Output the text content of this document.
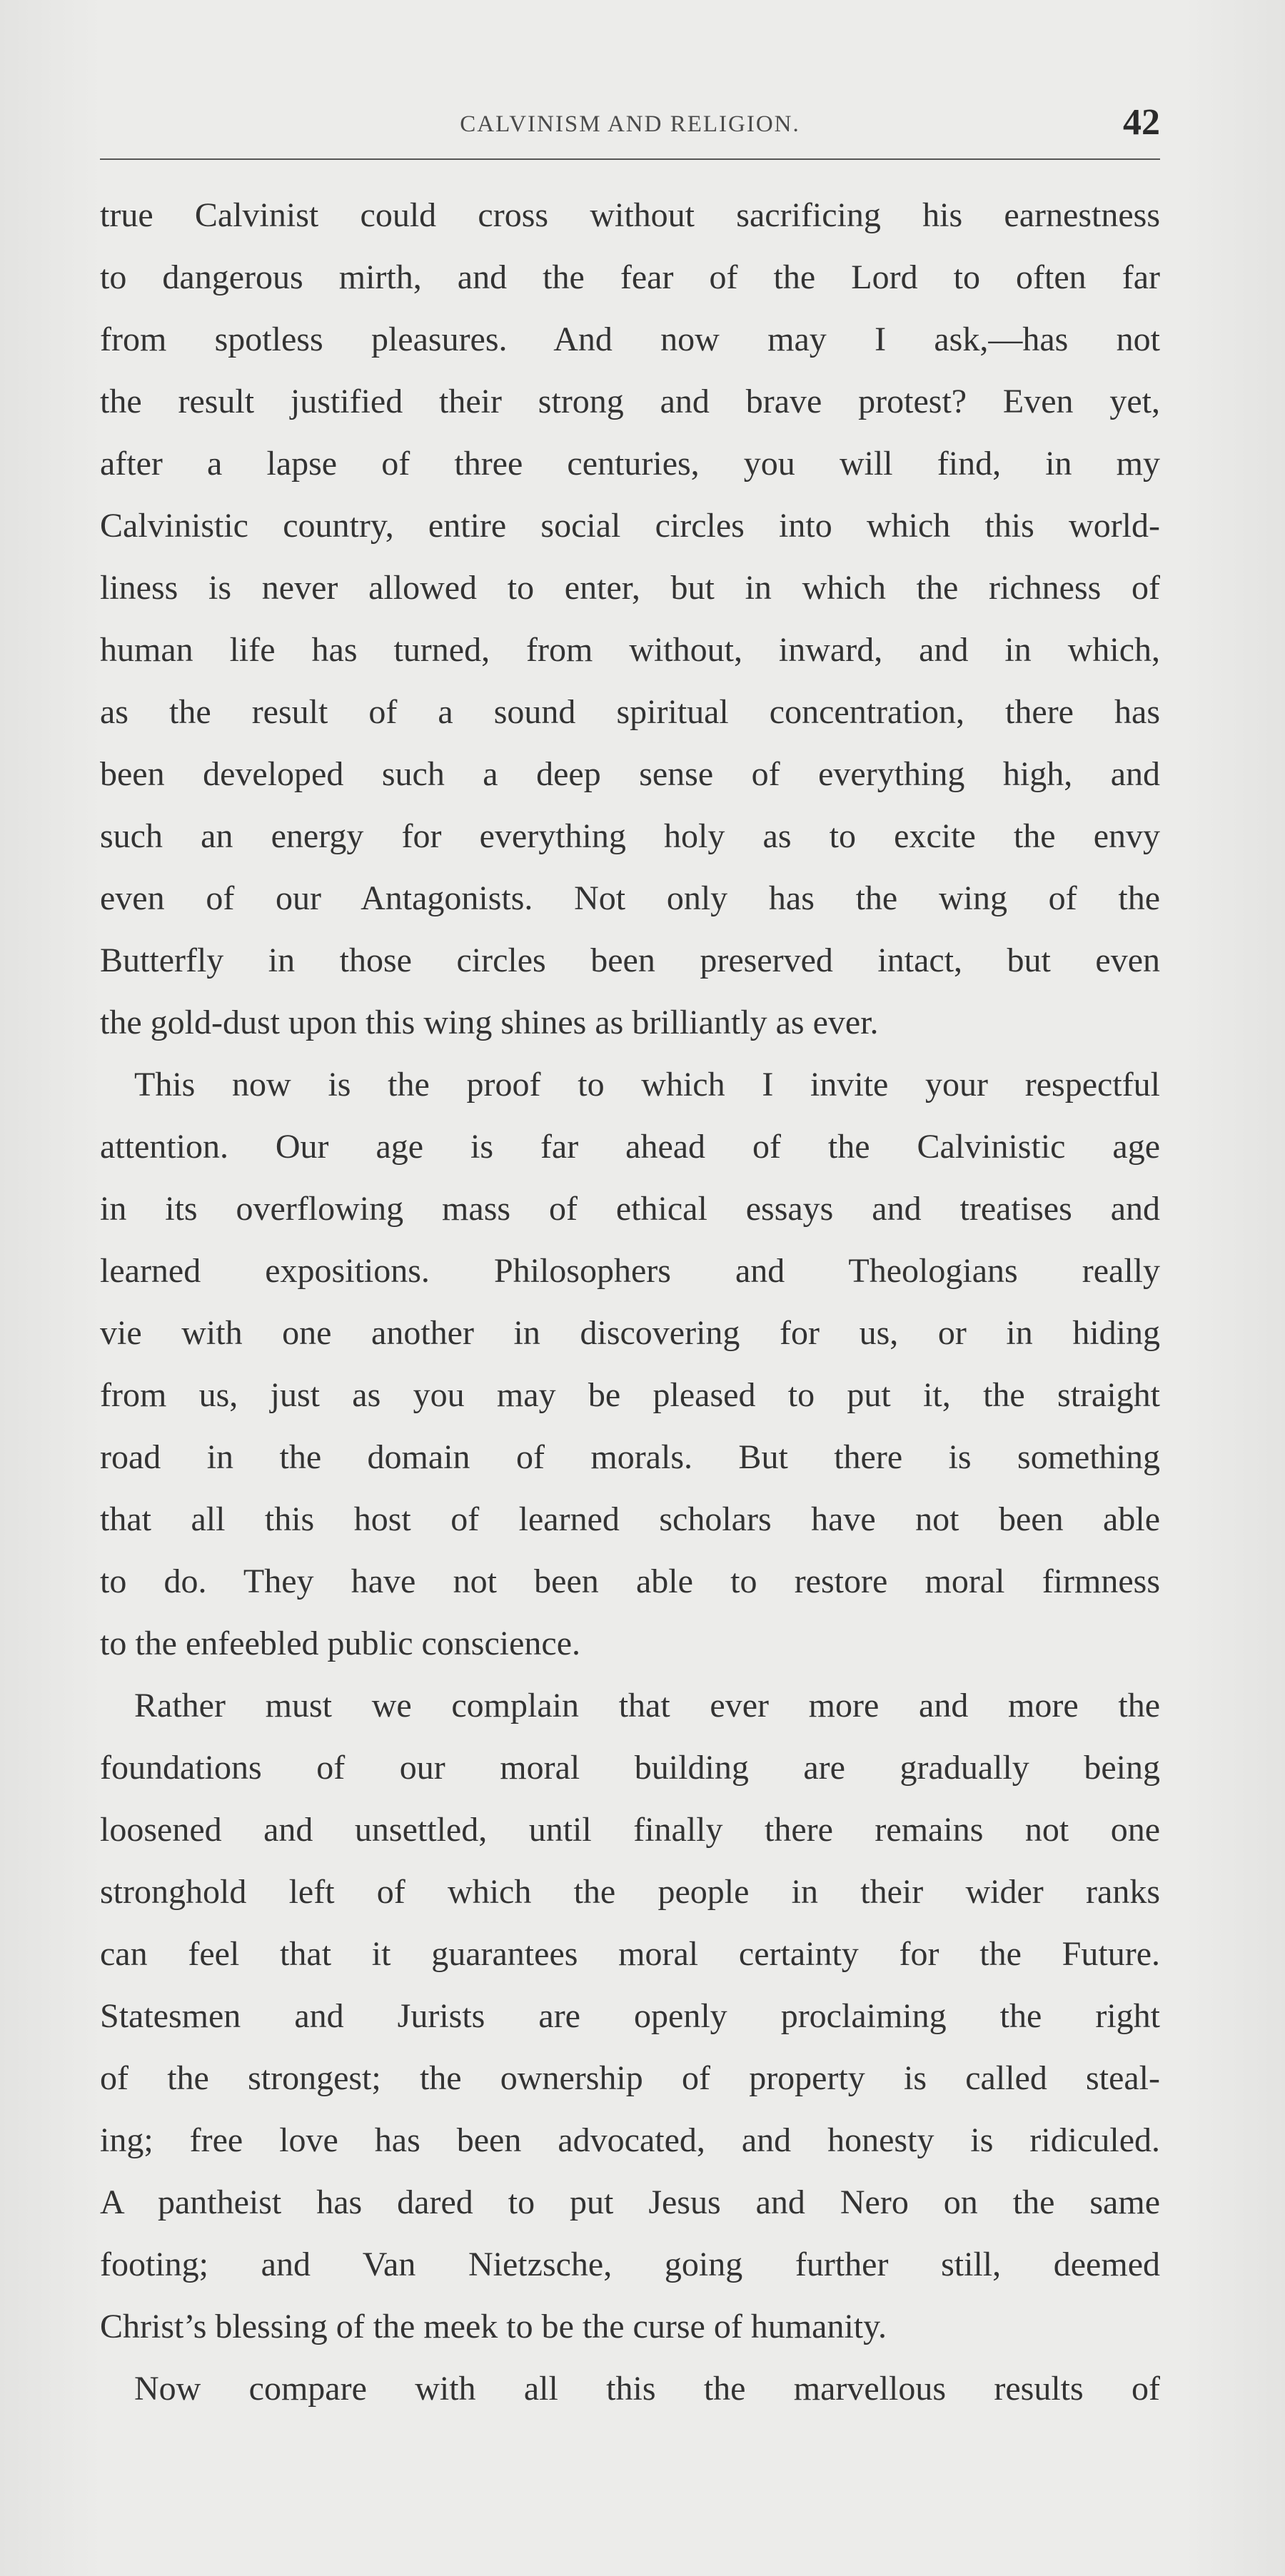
CALVINISM AND RELIGION.	42
true Calvinist could cross without sacrificing his earnestness
to dangerous mirth, and the fear of the Lord to often far
from spotless pleasures. And now may I ask,—has not
the result justified their strong and brave protest? Even yet,
after a lapse of three centuries, you will find, in my
Calvinistic country, entire social circles into which this world-
liness is never allowed to enter, but in which the richness of
human life has turned, from without, inward, and in which,
as the result of a sound spiritual concentration, there has
been developed such a deep sense of everything high, and
such an energy for everything holy as to excite the envy
even of our Antagonists. Not only has the wing of the
Butterfly in those circles been preserved intact, but even
the gold-dust upon this wing shines as brilliantly as ever.
This now is the proof to which I invite your respectful
attention. Our age is far ahead of the Calvinistic age
in its overflowing mass of ethical essays and treatises and
learned expositions. Philosophers and Theologians really
vie with one another in discovering for us, or in hiding
from us, just as you may be pleased to put it, the straight
road in the domain of morals. But there is something
that all this host of learned scholars have not been able
to do. They have not been able to restore moral firmness
to the enfeebled public conscience.
Rather must we complain that ever more and more the
foundations of our moral building are gradually being
loosened and unsettled, until finally there remains not one
stronghold left of which the people in their wider ranks
can feel that it guarantees moral certainty for the Future.
Statesmen and Jurists are openly proclaiming the right
of the strongest; the ownership of property is called steal-
ing; free love has been advocated, and honesty is ridiculed.
A pantheist has dared to put Jesus and Nero on the same
footing; and Van Nietzsche, going further still, deemed
Christ’s blessing of the meek to be the curse of humanity.
Now compare with all this the marvellous results of
